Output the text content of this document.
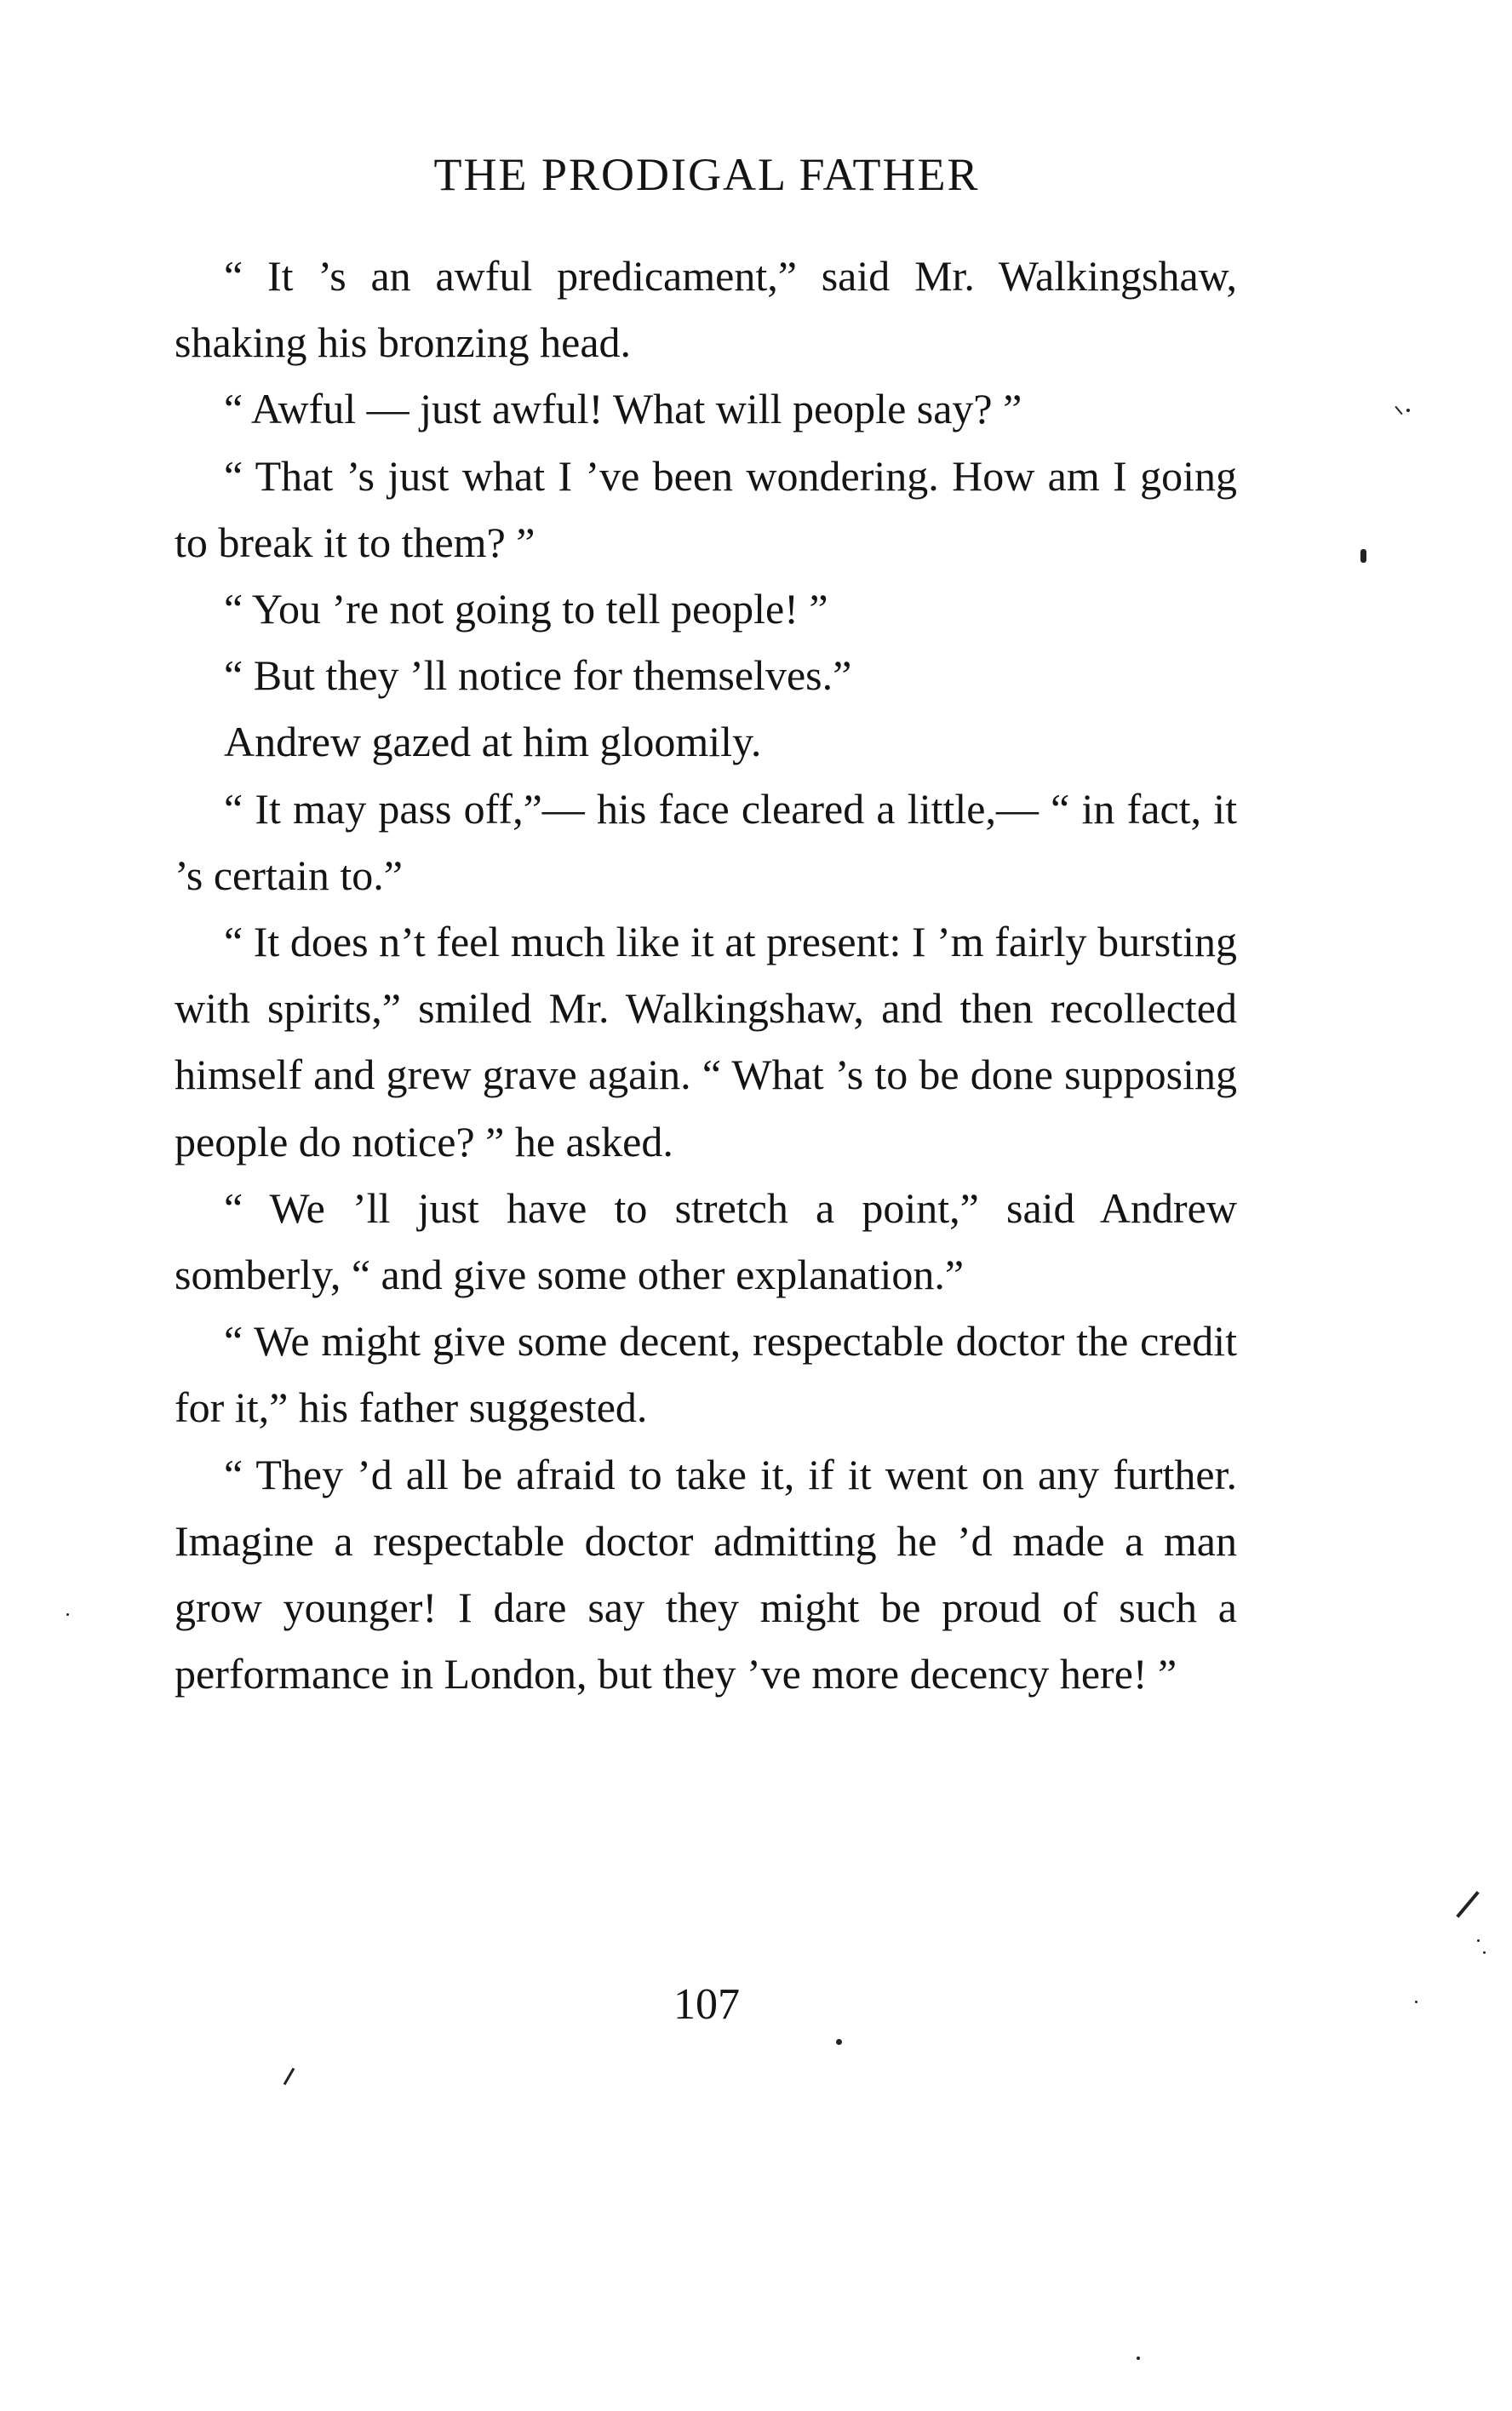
THE PRODIGAL FATHER

“ It ’s an awful predicament,” said Mr. Walkingshaw, shaking his bronzing head.

“ Awful — just awful! What will people say? ”

“ That ’s just what I ’ve been wondering. How am I going to break it to them? ”

“ You ’re not going to tell people! ”

“ But they ’ll notice for themselves.”

Andrew gazed at him gloomily.

“ It may pass off,”— his face cleared a little,— “ in fact, it ’s certain to.”

“ It does n’t feel much like it at present: I ’m fairly bursting with spirits,” smiled Mr. Walkingshaw, and then recollected himself and grew grave again. “ What ’s to be done supposing people do notice? ” he asked.

“ We ’ll just have to stretch a point,” said Andrew somberly, “ and give some other explanation.”

“ We might give some decent, respectable doctor the credit for it,” his father suggested.

“ They ’d all be afraid to take it, if it went on any further. Imagine a respectable doctor admitting he ’d made a man grow younger! I dare say they might be proud of such a performance in London, but they ’ve more decency here! ”

107
